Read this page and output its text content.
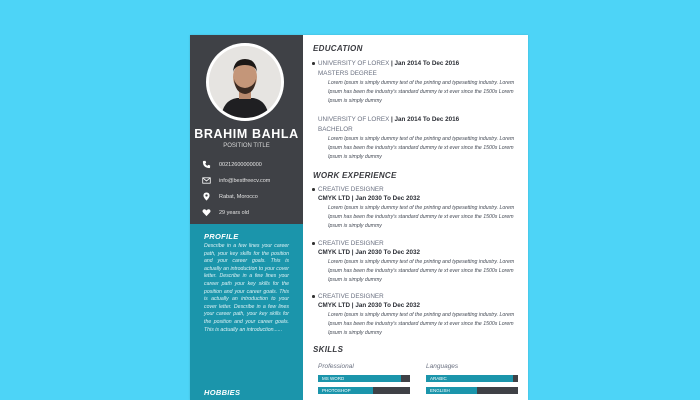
BRAHIM BAHLA
POSITION TITLE
00212600000000
info@bestfreecv.com
Rabat, Morocco
29 years old
PROFILE
Describe in a few lines your career path, your key skills for the position and your career goals. This is actually an introduction to your cover letter. Describe in a few lines your career path your key skills for the position and your career goals. This is actually an introduction to your cover letter. Describe in a few lines your career path, your key skills for the position and your career goals. This is actually an introduction......
HOBBIES
EDUCATION
UNIVERSITY OF LOREX | Jan 2014 To Dec 2016
MASTERS DEGREE
Lorem Ipsum is simply dummy text of the printing and typesetting industry. Lorem Ipsum has been the industry's standard dummy te xt ever since the 1500s Lorem Ipsum is simply dummy
UNIVERSITY OF LOREX | Jan 2014 To Dec 2016
BACHELOR
Lorem Ipsum is simply dummy text of the printing and typesetting industry. Lorem Ipsum has been the industry's standard dummy te xt ever since the 1500s Lorem Ipsum is simply dummy
WORK EXPERIENCE
CREATIVE DESIGNER
CMYK LTD | Jan 2030 To Dec 2032
Lorem Ipsum is simply dummy text of the printing and typesetting industry. Lorem Ipsum has been the industry's standard dummy te xt ever since the 1500s Lorem Ipsum is simply dummy
CREATIVE DESIGNER
CMYK LTD | Jan 2030 To Dec 2032
Lorem Ipsum is simply dummy text of the printing and typesetting industry. Lorem Ipsum has been the industry's standard dummy te xt ever since the 1500s Lorem Ipsum is simply dummy
CREATIVE DESIGNER
CMYK LTD | Jan 2030 To Dec 2032
Lorem Ipsum is simply dummy text of the printing and typesetting industry. Lorem Ipsum has been the industry's standard dummy te xt ever since the 1500s Lorem Ipsum is simply dummy
SKILLS
Professional
MS WORD
PHOTOSHOP
Languages
ARABIC
ENGLISH
